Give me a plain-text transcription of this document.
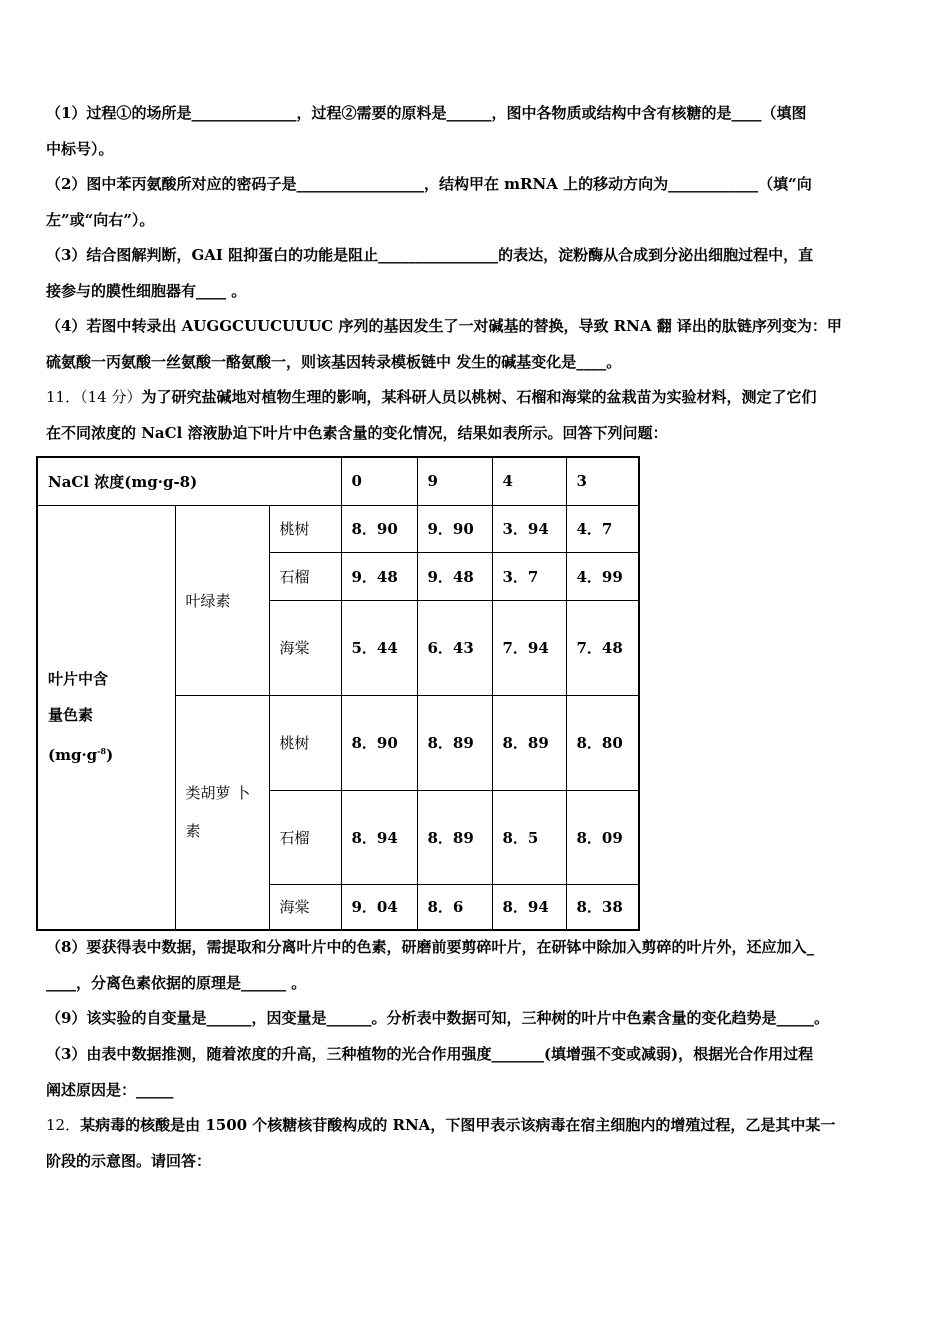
（1）过程①的场所是______________，过程②需要的原料是______，图中各物质或结构中含有核糖的是____（填图
中标号）。
（2）图中苯丙氨酸所对应的密码子是_________________，结构甲在 mRNA 上的移动方向为____________（填“向
左”或“向右”）。
（3）结合图解判断，GAI 阻抑蛋白的功能是阻止________________的表达，淀粉酶从合成到分泌出细胞过程中，直
接参与的膜性细胞器有____ 。
（4）若图中转录出 AUGGCUUCUUUC 序列的基因发生了一对碱基的替换，导致 RNA 翻 译出的肽链序列变为：甲
硫氨酸一丙氨酸一丝氨酸一酪氨酸一，则该基因转录模板链中 发生的碱基变化是____。
11．（14 分）为了研究盐碱地对植物生理的影响，某科研人员以桃树、石榴和海棠的盆栽苗为实验材料，测定了它们
在不同浓度的 NaCl 溶液胁迫下叶片中色素含量的变化情况，结果如表所示。回答下列问题：
NaCl 浓度(mg·g-8)			0	9	4	3

叶片中含
量色素
$(mg\cdot g^{-8})$	叶绿素	桃树	8．90	9．90	3．94	4．7
		石榴	9．48	9．48	3．7	4．99
		海棠	5．44	6．43	7．94	7．48

	类胡萝 卜
素	桃树	8．90	8．89	8．89	8．80
		石榴	8．94	8．89	8．5	8．09
		海棠	9．04	8．6	8．94	8．38
（8）要获得表中数据，需提取和分离叶片中的色素，研磨前要剪碎叶片，在研钵中除加入剪碎的叶片外，还应加入_
____，分离色素依据的原理是______ 。
（9）该实验的自变量是______，因变量是______。分析表中数据可知，三种树的叶片中色素含量的变化趋势是_____。
（3）由表中数据推测，随着浓度的升高，三种植物的光合作用强度_______(填增强不变或减弱)，根据光合作用过程
阐述原因是：_____
12．某病毒的核酸是由 1500 个核糖核苷酸构成的 RNA，下图甲表示该病毒在宿主细胞内的增殖过程，乙是其中某一
阶段的示意图。请回答：
